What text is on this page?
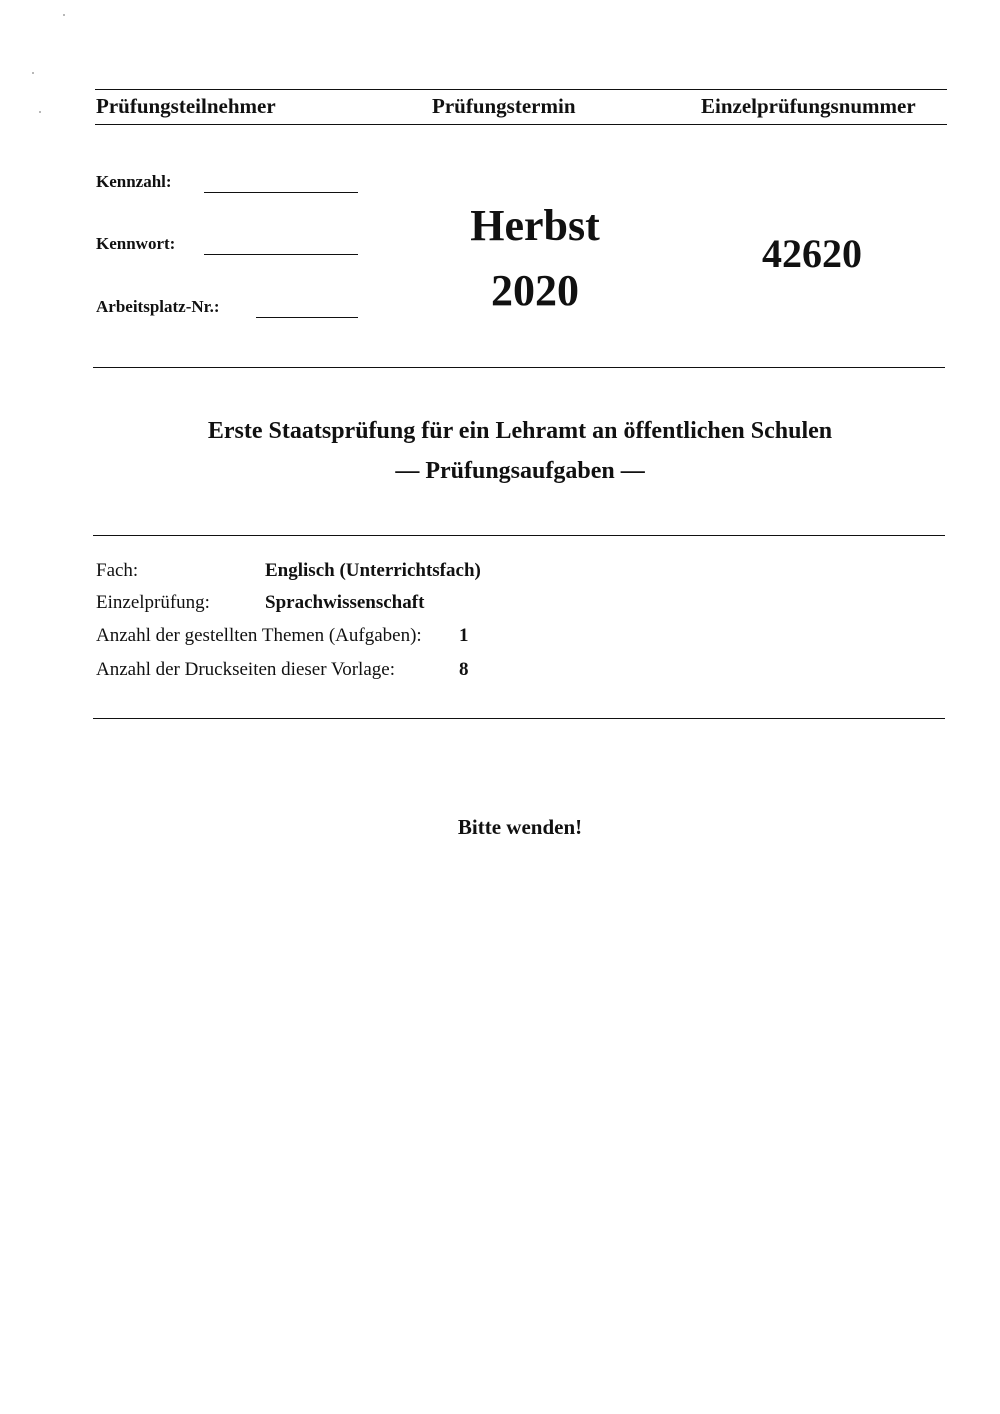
Prüfungsteilnehmer	Prüfungstermin	Einzelprüfungsnummer
Kennzahl:
Kennwort:
Arbeitsplatz-Nr.:
Herbst
2020
42620
Erste Staatsprüfung für ein Lehramt an öffentlichen Schulen
— Prüfungsaufgaben —
Fach:	Englisch (Unterrichtsfach)
Einzelprüfung:	Sprachwissenschaft
Anzahl der gestellten Themen (Aufgaben): 1
Anzahl der Druckseiten dieser Vorlage:	8
Bitte wenden!
